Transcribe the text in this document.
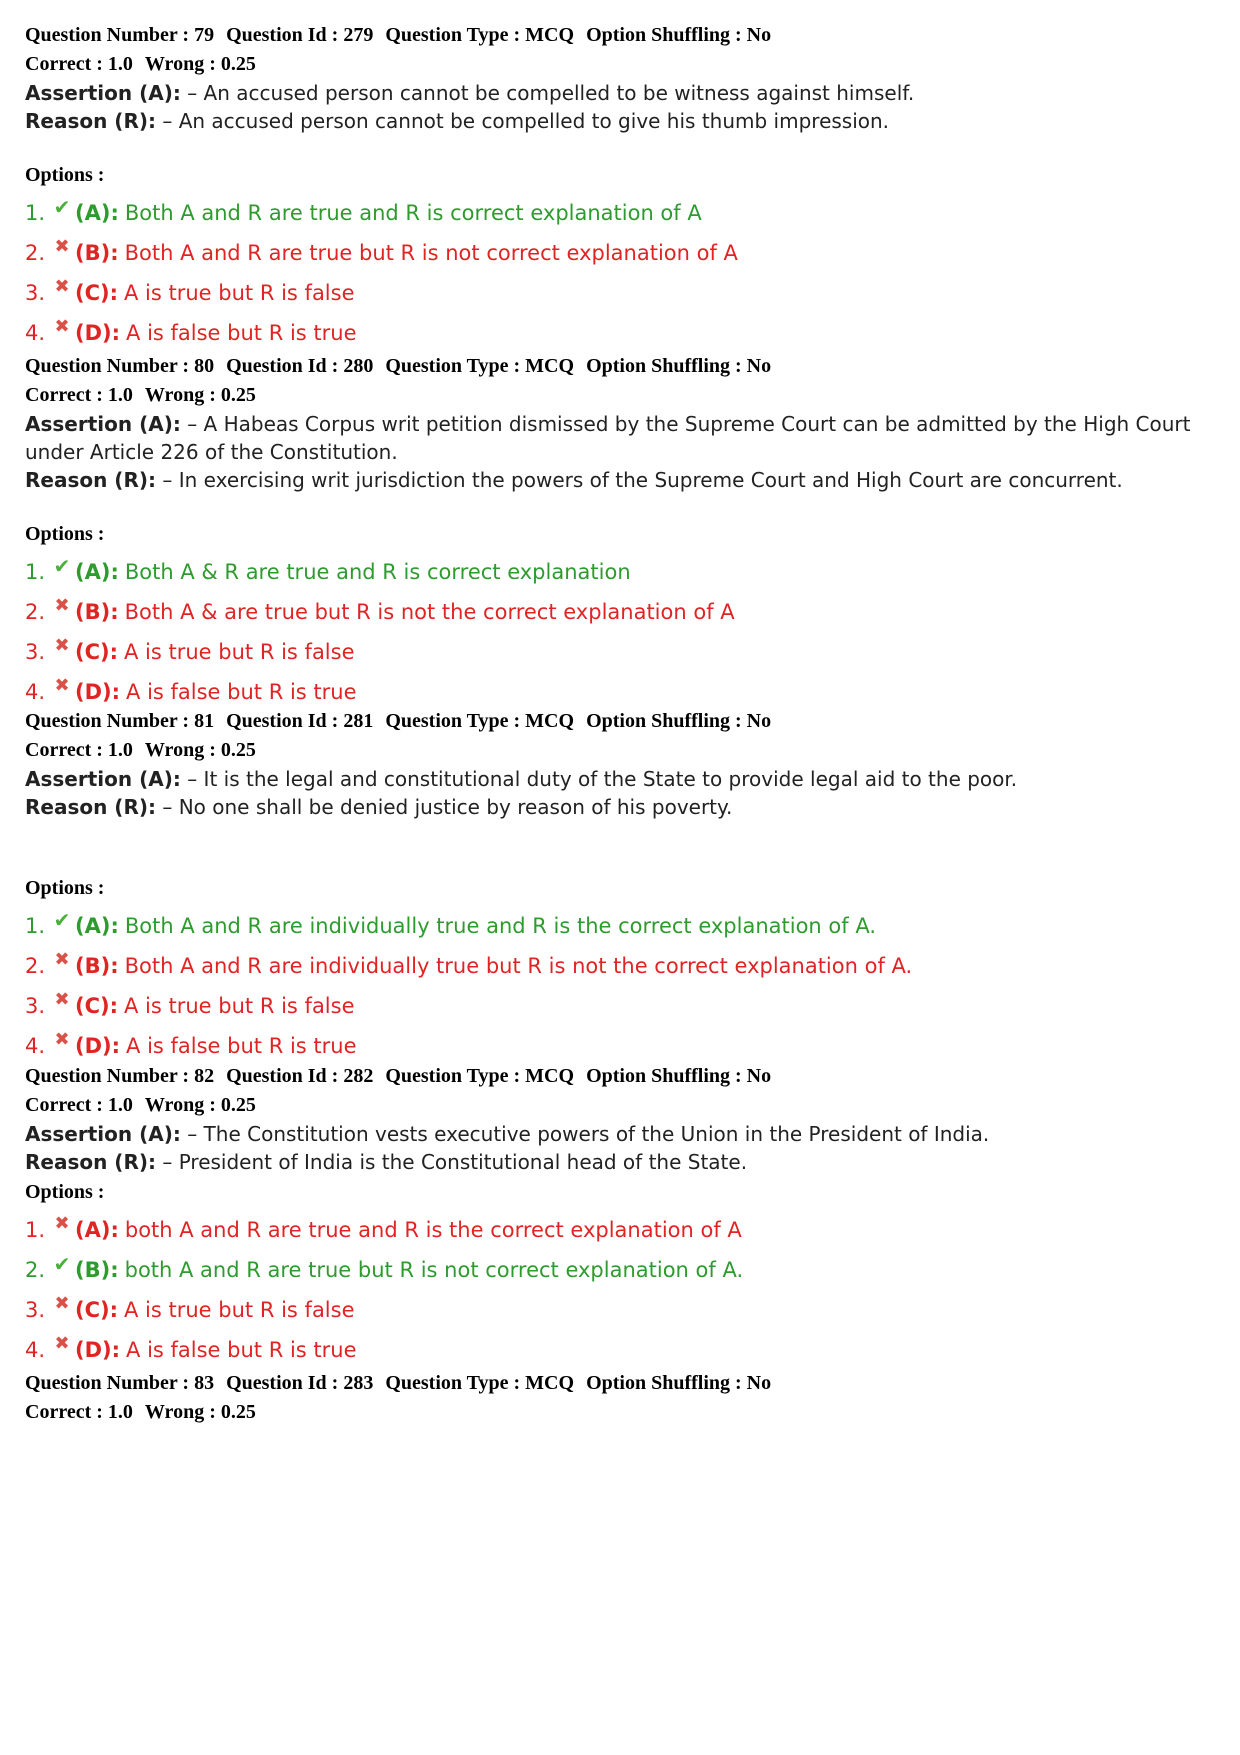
Question Number : 79 Question Id : 279 Question Type : MCQ Option Shuffling : No
Correct : 1.0 Wrong : 0.25
Assertion (A): – An accused person cannot be compelled to be witness against himself.
Reason (R): – An accused person cannot be compelled to give his thumb impression.
Options :
1. ✔ (A): Both A and R are true and R is correct explanation of A
2. ✖ (B): Both A and R are true but R is not correct explanation of A
3. ✖ (C): A is true but R is false
4. ✖ (D): A is false but R is true
Question Number : 80 Question Id : 280 Question Type : MCQ Option Shuffling : No
Correct : 1.0 Wrong : 0.25
Assertion (A): – A Habeas Corpus writ petition dismissed by the Supreme Court can be admitted by the High Court under Article 226 of the Constitution.
Reason (R): – In exercising writ jurisdiction the powers of the Supreme Court and High Court are concurrent.
Options :
1. ✔ (A): Both A & R are true and R is correct explanation
2. ✖ (B): Both A & are true but R is not the correct explanation of A
3. ✖ (C): A is true but R is false
4. ✖ (D): A is false but R is true
Question Number : 81 Question Id : 281 Question Type : MCQ Option Shuffling : No
Correct : 1.0 Wrong : 0.25
Assertion (A): – It is the legal and constitutional duty of the State to provide legal aid to the poor.
Reason (R): – No one shall be denied justice by reason of his poverty.
Options :
1. ✔ (A): Both A and R are individually true and R is the correct explanation of A.
2. ✖ (B): Both A and R are individually true but R is not the correct explanation of A.
3. ✖ (C): A is true but R is false
4. ✖ (D): A is false but R is true
Question Number : 82 Question Id : 282 Question Type : MCQ Option Shuffling : No
Correct : 1.0 Wrong : 0.25
Assertion (A): – The Constitution vests executive powers of the Union in the President of India.
Reason (R): – President of India is the Constitutional head of the State.
Options :
1. ✖ (A): both A and R are true and R is the correct explanation of A
2. ✔ (B): both A and R are true but R is not correct explanation of A.
3. ✖ (C): A is true but R is false
4. ✖ (D): A is false but R is true
Question Number : 83 Question Id : 283 Question Type : MCQ Option Shuffling : No
Correct : 1.0 Wrong : 0.25
